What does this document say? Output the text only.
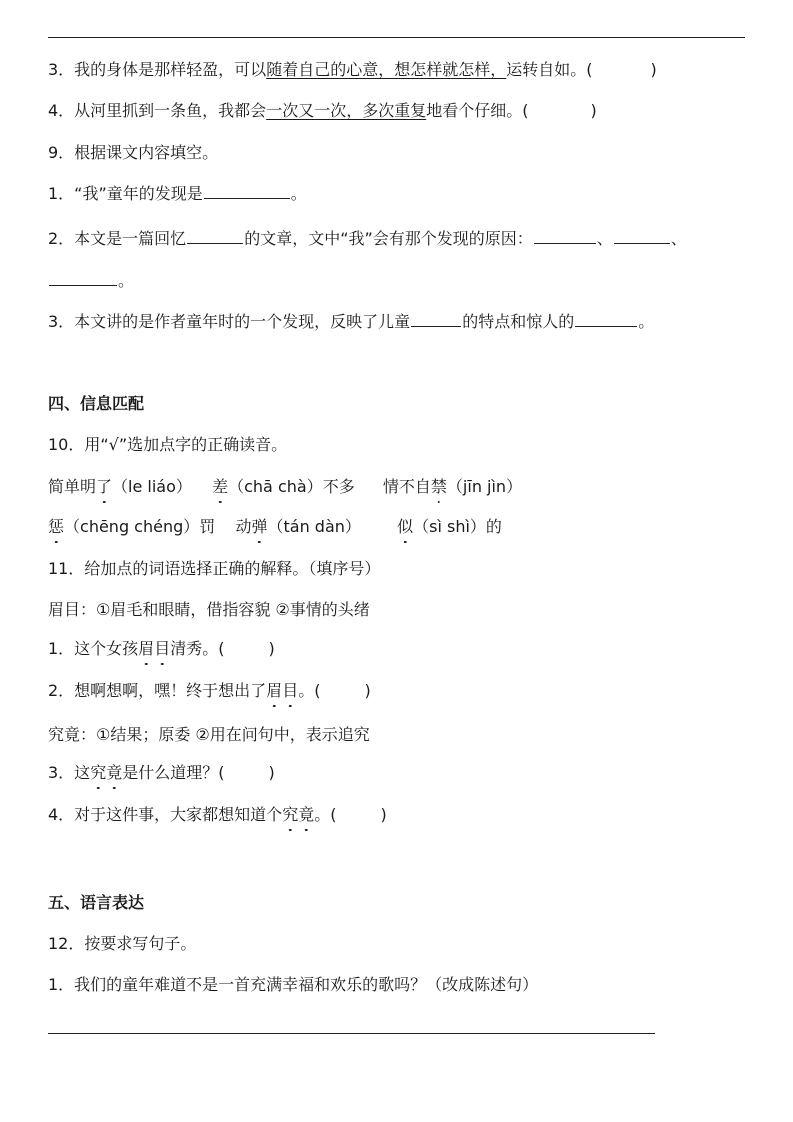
3．我的身体是那样轻盈，可以随着自己的心意，想怎样就怎样，运转自如。(	)
4．从河里抓到一条鱼，我都会一次又一次，多次重复地看个仔细。(	)
9．根据课文内容填空。
1．“我”童年的发现是	。
2．本文是一篇回忆	的文章，文中“我”会有那个发现的原因：	、	、
。
3．本文讲的是作者童年时的一个发现，反映了儿童	的特点和惊人的	。
四、信息匹配
10．用“√”选加点字的正确读音。
简单明了（le liáo） 差（chā chà）不多 情不自禁（jīn jìn）
惩（chēng chéng）罚 动弹（tán dàn） 似（sì shì）的
11．给加点的词语选择正确的解释。（填序号）
眉目：①眉毛和眼睛，借指容貌 ②事情的头绪
1．这个女孩眉目清秀。(	)
2．想啊想啊，嘿！终于想出了眉目。(	)
究竟：①结果；原委 ②用在问句中，表示追究
3．这究竟是什么道理？(	)
4．对于这件事，大家都想知道个究竟。(	)
五、语言表达
12．按要求写句子。
1．我们的童年难道不是一首充满幸福和欢乐的歌吗？（改成陈述句）
